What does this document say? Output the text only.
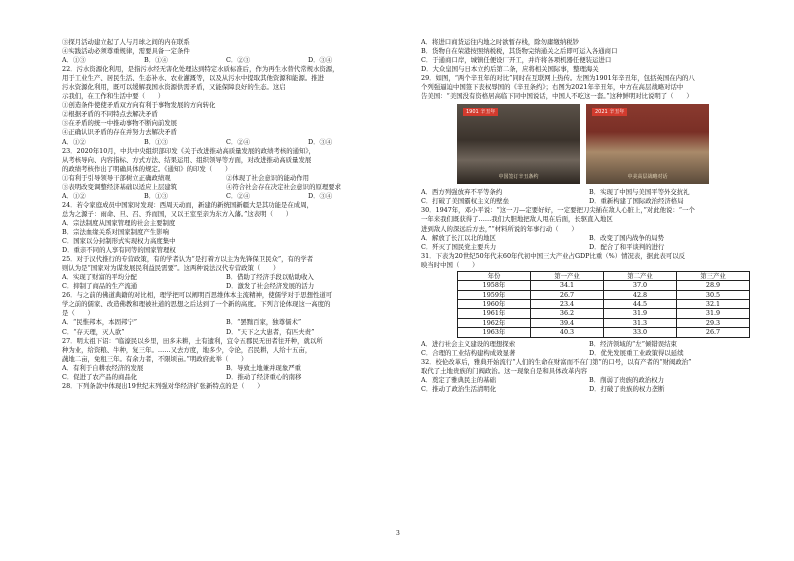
③探月活动建立起了人与月球之间的内在联系
④实践活动必须尊重规律，需要具备一定条件
A．①③	B．①④	C．②③	D．③④
22．污水资源化利用，是指污水经无害化处理达到特定水质标准后，作为再生水替代常规水资源，
用于工业生产、居民生活、生态补水、农业灌溉等，以及从污水中提取其他资源和能源。推进
污水资源化利用，既可以缓解我国水资源供需矛盾，又能保障良好的生态。这启
示我们，在工作和生活中要（　　）
①创造条件使使矛盾双方向有利于事物发展的方向转化
②根据矛盾的不同特点去解决矛盾
③在矛盾的统一中推动事物不断向前发展
④正确认识矛盾的存在并努力去解决矛盾
A．①②	B．①③	C．②④	D．③④
23．2020年10月，中共中央组织部印发《关于改进推动高质量发展的政绩考核的通知》，
从考核导向、内容指标、方式方法、结果运用、组织领导等方面，对改进推动高质量发展
的政绩考核作出了明确具体的规定。《通知》的印发（　　）
①有利于引导领导干部树立正确政绩观	②体现了社会意识的能动作用
③表明改变调整经济基础以适应上层建筑	④符合社会存在决定社会意识的原理要求
A．①②	B．①③	C．②④	D．③④
24．若令家庭成员中国家时发现：西周天动而，新建的新统国新疆大是其功能是在成周，
总为之源子：雨命、旦、召、乔而国，又以王室至亲为东方入藩。”这表明（　　）
A．宗法制度从国家管理的社会主要制度
B．宗法血缘关系对国家制度产生影响
C．国家以分封制形式实现权力高度集中
D．重亲不同的人享有同等的国家管理权
25．对于汉代推行的专营政策，有的学者认为“是打着方以主为先锋保卫民众”，有的学者
则认为是“国家对为谋发展民利益民需要”。这两种说法汉代专营政策（　　）
A．实现了财富的平均分配	B．借助了经济手段以贴助收入
C．抑制了商品的生产流通	D．激发了社会经济发展的活力
26．与之前的佛道典籍的对比相，理学把可以阐明百思维体本主流精神，使儒学对于思想性道可
学之前的儒家、改造佛教和理被社道的思想之后达到了一个新的高度。下列言论体现这一高度的
是（　　）
A．“民惟邦本，本固邦宁”	B．“罢黜百家，独尊儒术”
C．“存天理，灭人欲”	D．“天下之大患者，有匹夫责”
27．明太祖下诏：“临濠民以乡里，田多未耕，土有遗利，宜令五郡民无田者往开种，就以所
种为业，给资粮、牛种，复三年。……又去方度，地多少，令论，召民耕，人给十五亩，
蔬地二亩，免租三年。有余力者，不限顷亩。”明政府此举（　　）
A．有利于自耕农经济的发展	B．导致土地兼并现象严重
C．促进了农产品的商品化	D．推动了经济重心的南移
28．下列条款中体现出19世纪末列强对华经济扩张新特点的是（　　）
A．将进口商货运往内地之时欲暂存栈，除勿庸缴纳税钞
B．货物自在荣港按照纳税税，其货物完纳通关之后即可运入各通商口
C．于通商口岸，城镇任便设厂开工，并许将各项机器任便装运进口
D．大众皇国与日本立约后第二条，应将相关国际事，整理海关
29．如图，“两个辛丑年的对比”同时在互联网上热传。左图为1901年辛丑年，包括英国在内的八
个列强逼迫中国签下丧权辱国的《辛丑条约》；右图为2021年辛丑年，中方在高层战略对话中
告美国：“美国没有资格居高临下同中国说话，中国人不吃这一套。”这种鲜明对比说明了（　　）
1901 辛丑年
中国签订辛丑条约
2021 辛丑年
中美高层战略对话
A．西方列强放弃不平等条约	B．实现了中国与美国平等外交抗礼
C．打破了美国霸权主义的壁垒	D．重新构建了国际政治经济格局
30．1947年，邓小平说：“这一刀—定要好好，一定要把刀尖插在敌人心脏上，”对此他说：“一个
一年来我们既获得了……我们大胆地把敌人甩在后面，长驱直入地区
进到敌人的深远后方去，”“材料所说的年事行动（　　）
A．解放了长江以北的地区	B．改变了国内战争的局势
C．歼灭了国民党主要兵力	D．配合了和平谈判的进行
31．下表为20世纪50年代末60年代初中国三大产业占GDP比重（%）情况表，据此表可以反
映当时中国（　　）
年份	第一产业	第二产业	第三产业
1958年	34.1	37.0	28.9
1959年	26.7	42.8	30.5
1960年	23.4	44.5	32.1
1961年	36.2	31.9	31.9
1962年	39.4	31.3	29.3
1963年	40.3	33.0	26.7
A．进行社会主义建设的理想探索	B．经济领域的“左”倾错误结束
C．合理的工业结构建构成效显著	D．优先发展重工业政策得以延续
32．校伦改革后，雅典开始流行“人们的生命在财富而不在门第”的口号，以有产者的“财阀政治”
取代了土地贵族的门阀政治。这一现象自是和具体改革内容
A．奠定了雅典民主的基础	B．削弱了贵族的政治权力
C．推动了政治生活清明化	D．打破了贵族的权力垄断
3
